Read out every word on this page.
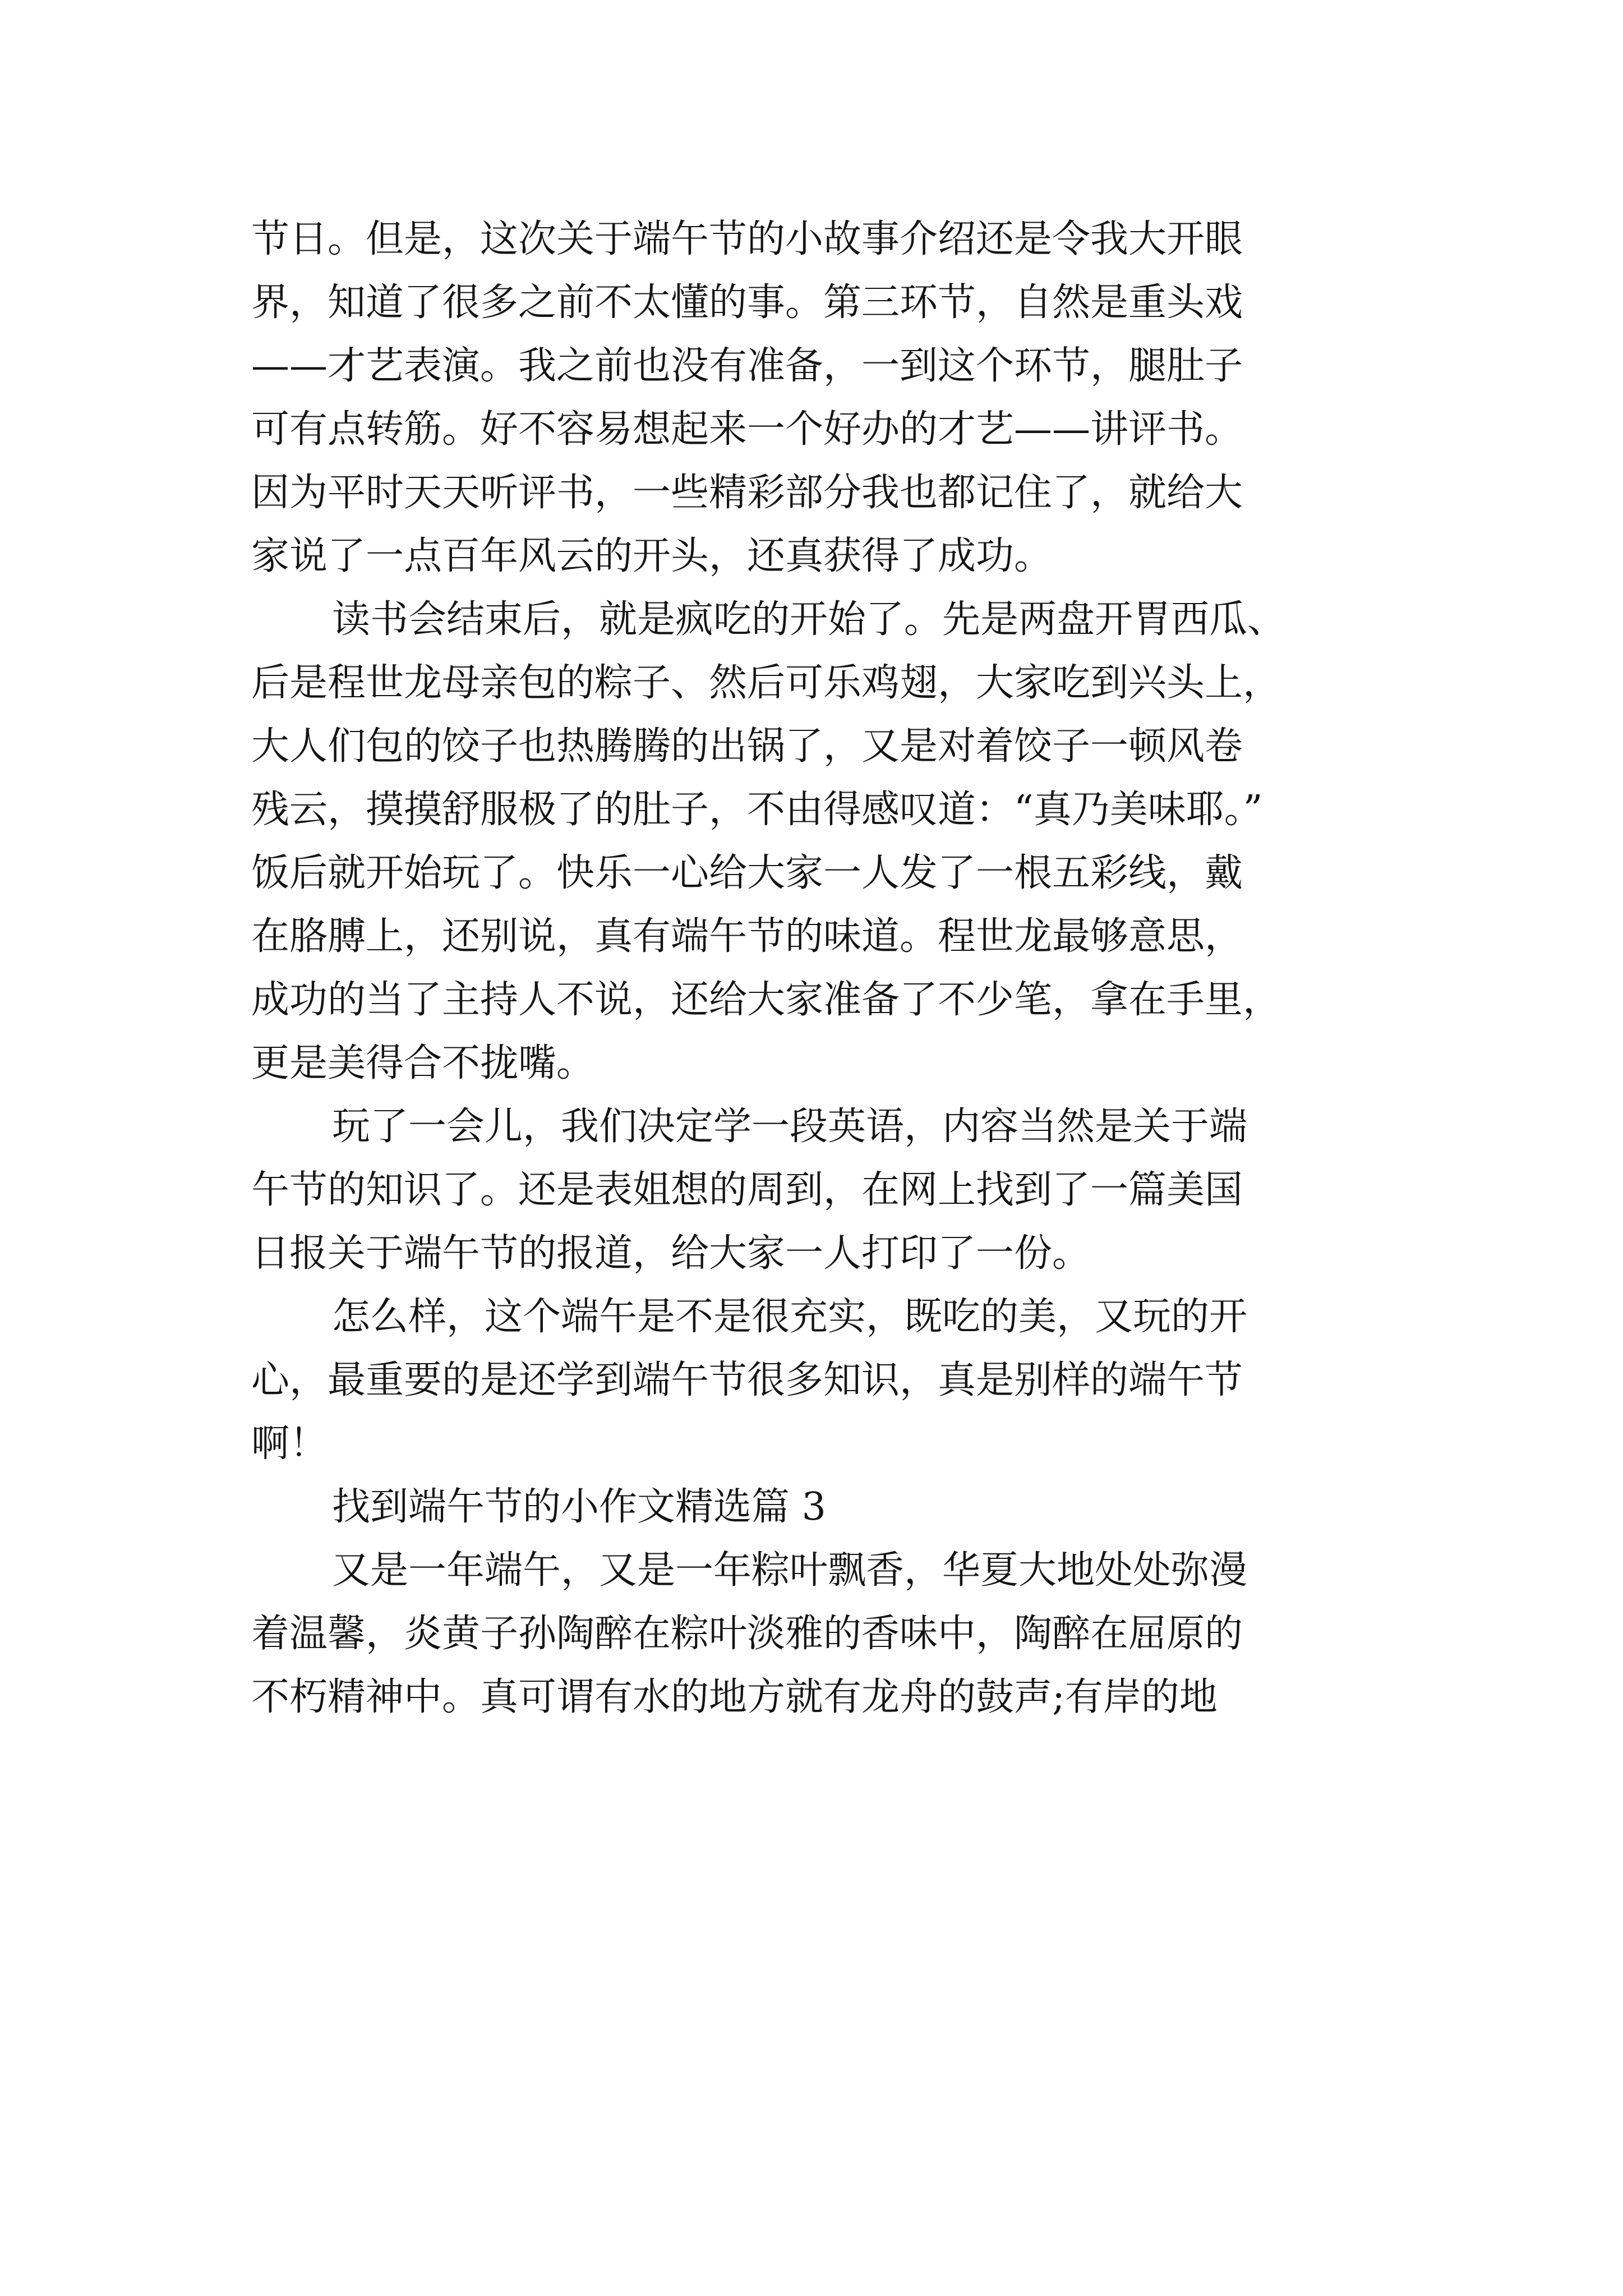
节日。但是，这次关于端午节的小故事介绍还是令我大开眼
界，知道了很多之前不太懂的事。第三环节，自然是重头戏
——才艺表演。我之前也没有准备，一到这个环节，腿肚子
可有点转筋。好不容易想起来一个好办的才艺——讲评书。
因为平时天天听评书，一些精彩部分我也都记住了，就给大
家说了一点百年风云的开头，还真获得了成功。
读书会结束后，就是疯吃的开始了。先是两盘开胃西瓜、
后是程世龙母亲包的粽子、然后可乐鸡翅，大家吃到兴头上，
大人们包的饺子也热腾腾的出锅了，又是对着饺子一顿风卷
残云，摸摸舒服极了的肚子，不由得感叹道：“真乃美味耶。”
饭后就开始玩了。快乐一心给大家一人发了一根五彩线，戴
在胳膊上，还别说，真有端午节的味道。程世龙最够意思，
成功的当了主持人不说，还给大家准备了不少笔，拿在手里，
更是美得合不拢嘴。
玩了一会儿，我们决定学一段英语，内容当然是关于端
午节的知识了。还是表姐想的周到，在网上找到了一篇美国
日报关于端午节的报道，给大家一人打印了一份。
怎么样，这个端午是不是很充实，既吃的美，又玩的开
心，最重要的是还学到端午节很多知识，真是别样的端午节
啊！
找到端午节的小作文精选篇 3
又是一年端午，又是一年粽叶飘香，华夏大地处处弥漫
着温馨，炎黄子孙陶醉在粽叶淡雅的香味中，陶醉在屈原的
不朽精神中。真可谓有水的地方就有龙舟的鼓声;有岸的地
